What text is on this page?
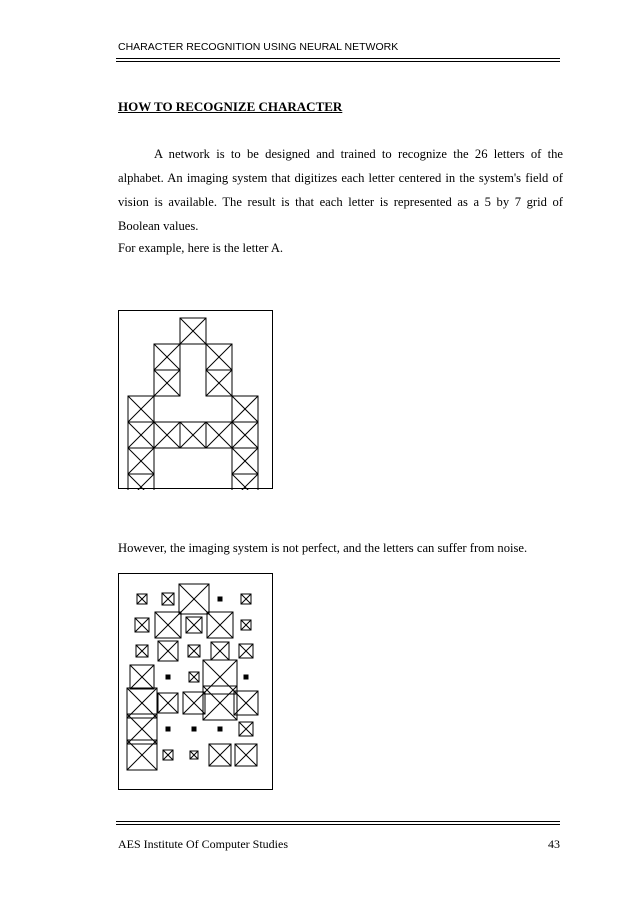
CHARACTER RECOGNITION USING NEURAL NETWORK
HOW TO RECOGNIZE CHARACTER
A network is to be designed and trained to recognize the 26 letters of the alphabet. An imaging system that digitizes each letter centered in the system's field of vision is available. The result is that each letter is represented as a 5 by 7 grid of Boolean values.
For example, here is the letter A.
However, the imaging system is not perfect, and the letters can suffer from noise.
AES Institute Of Computer Studies	43
